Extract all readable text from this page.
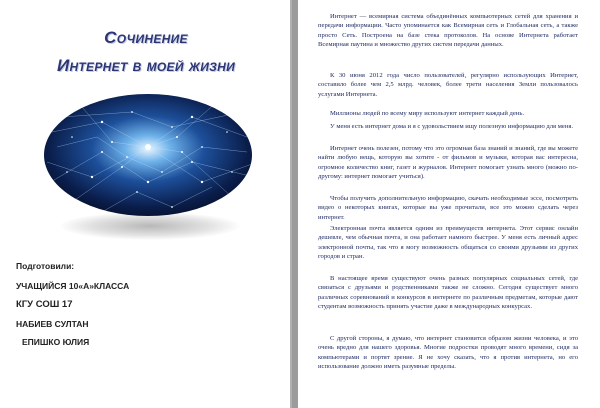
Сочинение
Интернет в моей жизни
Подготовили:
УЧАЩИЙСЯ 10«А»КЛАССА
КГУ СОШ 17
НАБИЕВ СУЛТАН
ЕПИШКО ЮЛИЯ

Интернет — всемирная система объединённых компьютерных сетей для хранения и передачи информации. Часто упоминается как Всемирная сеть и Глобальная сеть, а также просто Сеть. Построена на базе стека протоколов. На основе Интернета работает Всемирная паутина и множество других систем передачи данных.

К 30 июня 2012 года число пользователей, регулярно использующих Интернет, составило более чем 2,5 млрд. человек, более трети населения Земли пользовалось услугами Интернета.

Миллионы людей по всему миру используют интернет каждый день.

У меня есть интернет дома и я с удовольствием ищу полезную информацию для меня.

Интернет очень полезен, потому что это огромная база знаний и знаний, где вы можете найти любую вещь, которую вы хотите - от фильмов и музыки, которая вас интересна, огромное количество книг, газет и журналов. Интернет помогает узнать много (можно по-другому: интернет помогает учиться).

Чтобы получить дополнительную информацию, скачать необходимые эссе, посмотреть видео о некоторых книгах, которые вы уже прочитали, все это можно сделать через интернет.

Электронная почта является одним из преимуществ интернета. Этот сервис онлайн дешевле, чем обычная почта, и она работает намного быстрее. У меня есть личный адрес электронной почты, так что я могу возможность общаться со своими друзьями из других городов и стран.

В настоящее время существуют очень разных популярных социальных сетей, где связаться с друзьями и родственниками также не сложно. Сегодня существует много различных соревнований и конкурсов в интернете по различным предметам, которые дают студентам возможность принять участие даже в международных конкурсах.

С другой стороны, я думаю, что интернет становится образом жизни человека, и это очень вредно для нашего здоровья. Многие подростки проводят много времени, сидя за компьютерами и портят зрение. Я не хочу сказать, что я против интернета, но его использование должно иметь разумные пределы.
